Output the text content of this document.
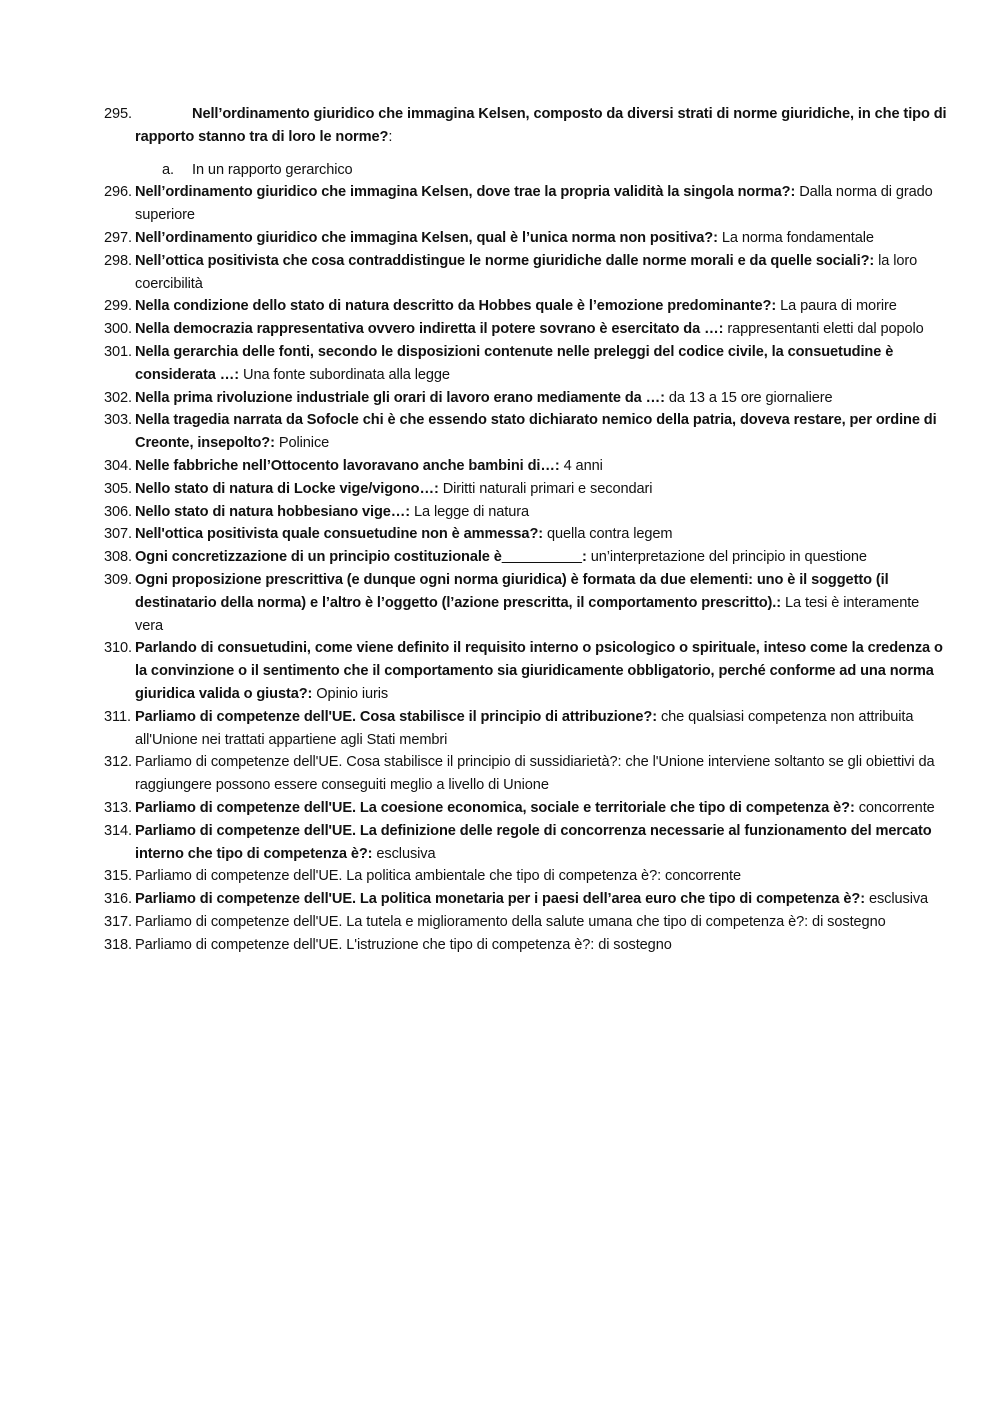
295.	Nell’ordinamento giuridico che immagina Kelsen, composto da diversi strati di norme giuridiche, in che tipo di rapporto stanno tra di loro le norme?:
a. In un rapporto gerarchico
296. Nell’ordinamento giuridico che immagina Kelsen, dove trae la propria validità la singola norma?: Dalla norma di grado superiore
297. Nell’ordinamento giuridico che immagina Kelsen, qual è l’unica norma non positiva?: La norma fondamentale
298. Nell’ottica positivista che cosa contraddistingue le norme giuridiche dalle norme morali e da quelle sociali?: la loro coercibilità
299. Nella condizione dello stato di natura descritto da Hobbes quale è l’emozione predominante?: La paura di morire
300. Nella democrazia rappresentativa ovvero indiretta il potere sovrano è esercitato da …: rappresentanti eletti dal popolo
301. Nella gerarchia delle fonti, secondo le disposizioni contenute nelle preleggi del codice civile, la consuetudine è considerata …: Una fonte subordinata alla legge
302. Nella prima rivoluzione industriale gli orari di lavoro erano mediamente da …: da 13 a 15 ore giornaliere
303. Nella tragedia narrata da Sofocle chi è che essendo stato dichiarato nemico della patria, doveva restare, per ordine di Creonte, insepolto?: Polinice
304. Nelle fabbriche nell’Ottocento lavoravano anche bambini di…: 4 anni
305. Nello stato di natura di Locke vige/vigono…: Diritti naturali primari e secondari
306. Nello stato di natura hobbesiano vige…: La legge di natura
307. Nell'ottica positivista quale consuetudine non è ammessa?: quella contra legem
308. Ogni concretizzazione di un principio costituzionale è__________: un’interpretazione del principio in questione
309. Ogni proposizione prescrittiva (e dunque ogni norma giuridica) è formata da due elementi: uno è il soggetto (il destinatario della norma) e l’altro è l’oggetto (l’azione prescritta, il comportamento prescritto).: La tesi è interamente vera
310. Parlando di consuetudini, come viene definito il requisito interno o psicologico o spirituale, inteso come la credenza o la convinzione o il sentimento che il comportamento sia giuridicamente obbligatorio, perché conforme ad una norma giuridica valida o giusta?: Opinio iuris
311. Parliamo di competenze dell'UE. Cosa stabilisce il principio di attribuzione?: che qualsiasi competenza non attribuita all'Unione nei trattati appartiene agli Stati membri
312. Parliamo di competenze dell'UE. Cosa stabilisce il principio di sussidiarietà?: che l'Unione interviene soltanto se gli obiettivi da raggiungere possono essere conseguiti meglio a livello di Unione
313. Parliamo di competenze dell'UE. La coesione economica, sociale e territoriale che tipo di competenza è?: concorrente
314. Parliamo di competenze dell'UE. La definizione delle regole di concorrenza necessarie al funzionamento del mercato interno che tipo di competenza è?: esclusiva
315. Parliamo di competenze dell'UE. La politica ambientale che tipo di competenza è?: concorrente
316. Parliamo di competenze dell'UE. La politica monetaria per i paesi dell’area euro che tipo di competenza è?: esclusiva
317. Parliamo di competenze dell'UE. La tutela e miglioramento della salute umana che tipo di competenza è?: di sostegno
318. Parliamo di competenze dell'UE. L'istruzione che tipo di competenza è?: di sostegno
